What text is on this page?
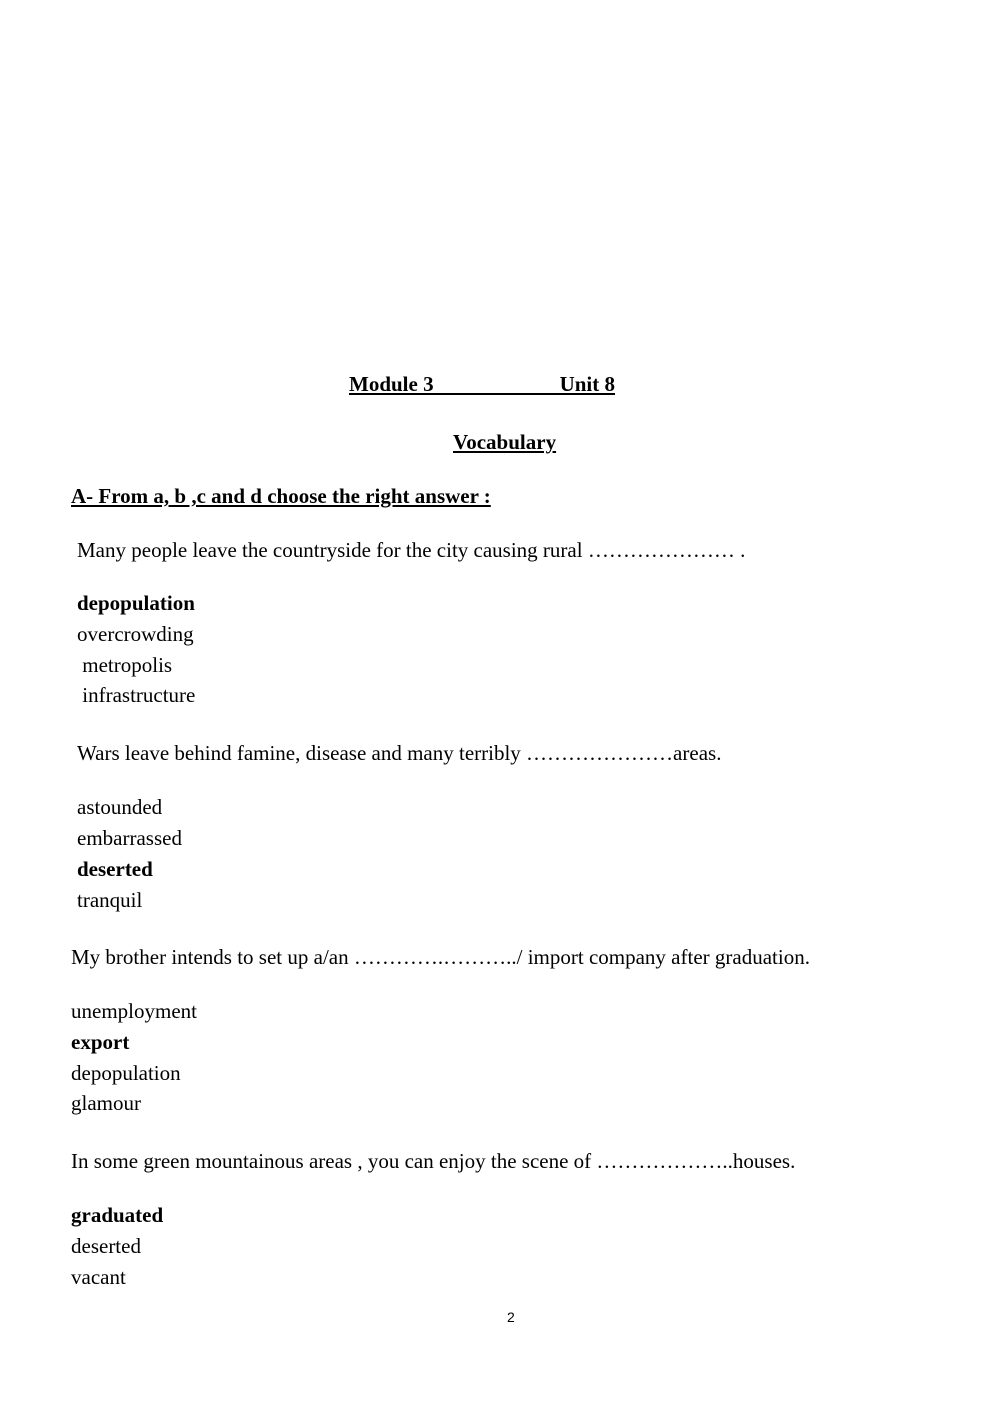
Module 3                        Unit 8
Vocabulary
A- From a, b ,c and d choose the right answer :
Many people leave the countryside for the city causing rural ………………… .
depopulation
overcrowding
metropolis
infrastructure
Wars leave behind famine, disease and many terribly …………………areas.
astounded
embarrassed
deserted
tranquil
My brother intends to set up a/an ………….………../ import company after graduation.
unemployment
export
depopulation
glamour
In some green mountainous areas , you can enjoy the scene of ………………..houses.
graduated
deserted
vacant
2
